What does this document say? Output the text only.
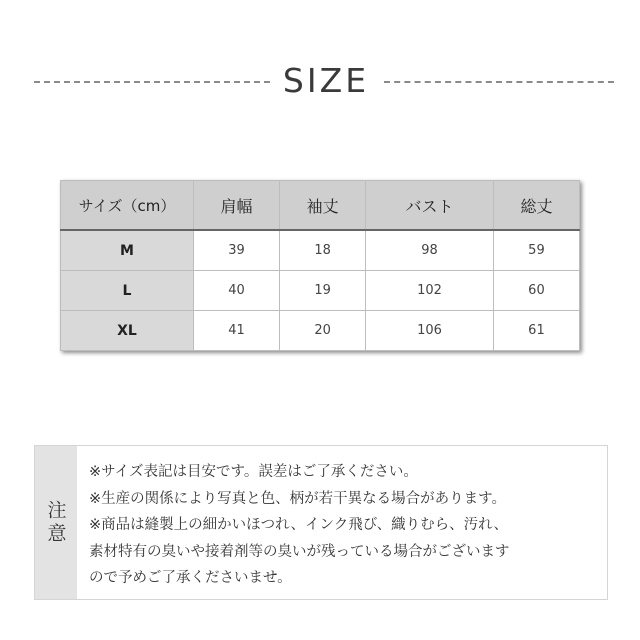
SIZE
サイズ（cm）	肩幅	袖丈	バスト	総丈
M	39	18	98	59
L	40	19	102	60
XL	41	20	106	61
注意
※サイズ表記は目安です。誤差はご了承ください。
※生産の関係により写真と色、柄が若干異なる場合があります。
※商品は縫製上の細かいほつれ、インク飛び、織りむら、汚れ、
素材特有の臭いや接着剤等の臭いが残っている場合がございます
ので予めご了承くださいませ。
